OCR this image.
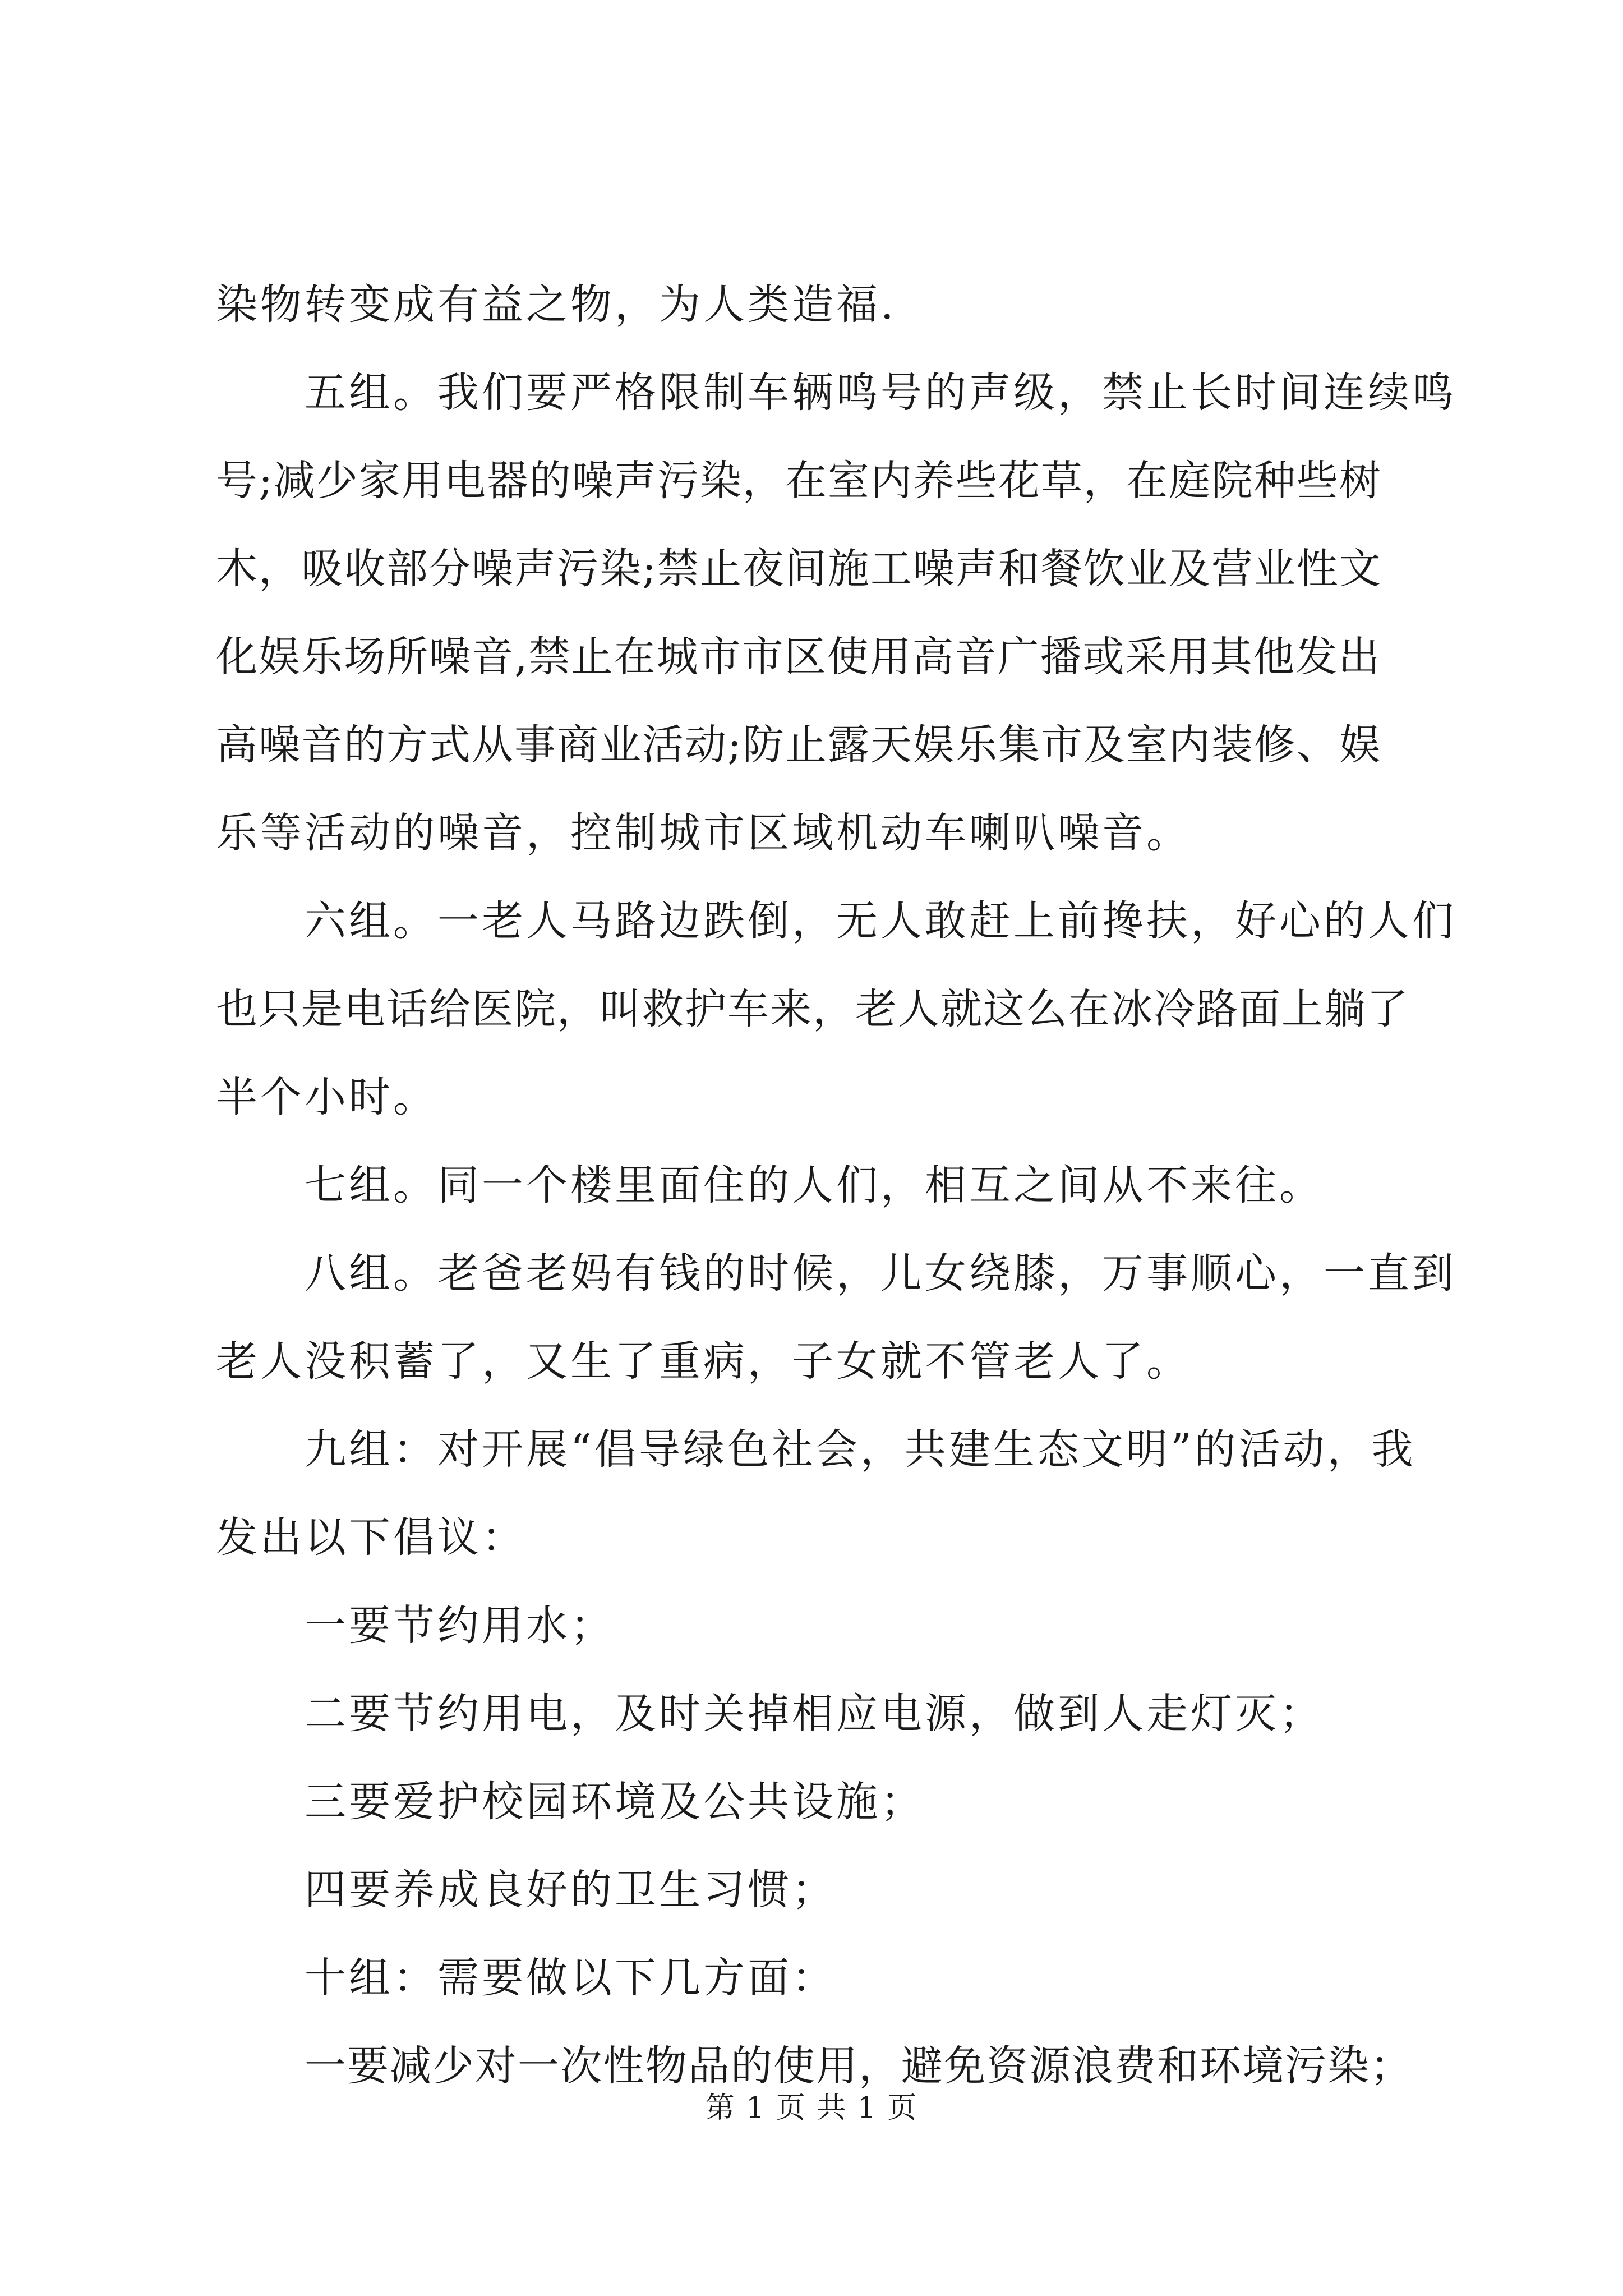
染物转变成有益之物，为人类造福.
五组。我们要严格限制车辆鸣号的声级，禁止长时间连续鸣
号;减少家用电器的噪声污染，在室内养些花草，在庭院种些树
木，吸收部分噪声污染;禁止夜间施工噪声和餐饮业及营业性文
化娱乐场所噪音,禁止在城市市区使用高音广播或采用其他发出
高噪音的方式从事商业活动;防止露天娱乐集市及室内装修、娱
乐等活动的噪音，控制城市区域机动车喇叭噪音。
六组。一老人马路边跌倒，无人敢赶上前搀扶，好心的人们
也只是电话给医院，叫救护车来，老人就这么在冰冷路面上躺了
半个小时。
七组。同一个楼里面住的人们，相互之间从不来往。
八组。老爸老妈有钱的时候，儿女绕膝，万事顺心，一直到
老人没积蓄了，又生了重病，子女就不管老人了。
九组：对开展“倡导绿色社会，共建生态文明”的活动，我
发出以下倡议：
一要节约用水；
二要节约用电，及时关掉相应电源，做到人走灯灭；
三要爱护校园环境及公共设施；
四要养成良好的卫生习惯；
十组：需要做以下几方面：
一要减少对一次性物品的使用，避免资源浪费和环境污染；
第 1 页 共 1 页
